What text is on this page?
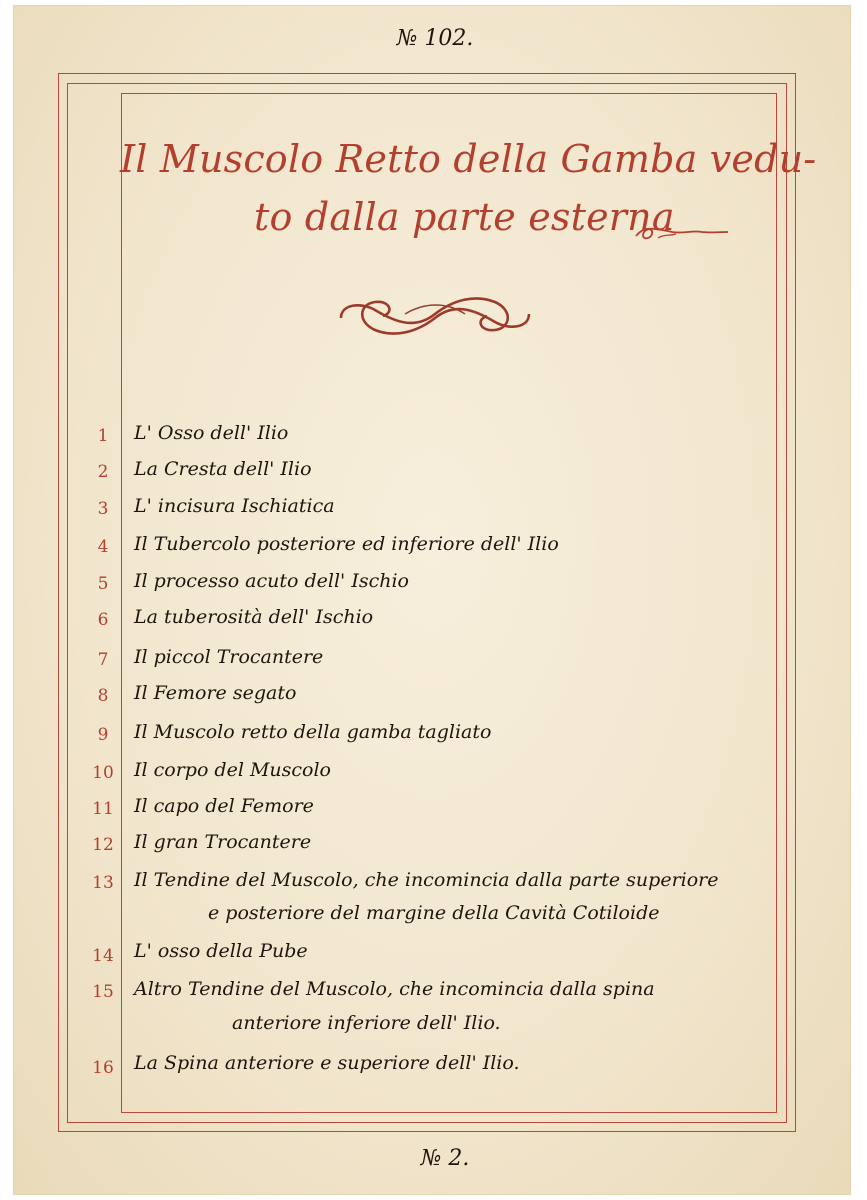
№ 102.
Il Muscolo Retto della Gamba vedu-
to dalla parte esterna
1	L' Osso dell' Ilio
2	La Cresta dell' Ilio
3	L' incisura Ischiatica
4	Il Tubercolo posteriore ed inferiore dell' Ilio
5	Il processo acuto dell' Ischio
6	La tuberosità dell' Ischio
7	Il piccol Trocantere
8	Il Femore segato
9	Il Muscolo retto della gamba tagliato
10 Il corpo del Muscolo
11 Il capo del Femore
12 Il gran Trocantere
13 Il Tendine del Muscolo, che incomincia dalla parte superiore
e posteriore del margine della Cavità Cotiloide
14 L' osso della Pube
15 Altro Tendine del Muscolo, che incomincia dalla spina
anteriore inferiore dell' Ilio.
16 La Spina anteriore e superiore dell' Ilio.
№ 2.
